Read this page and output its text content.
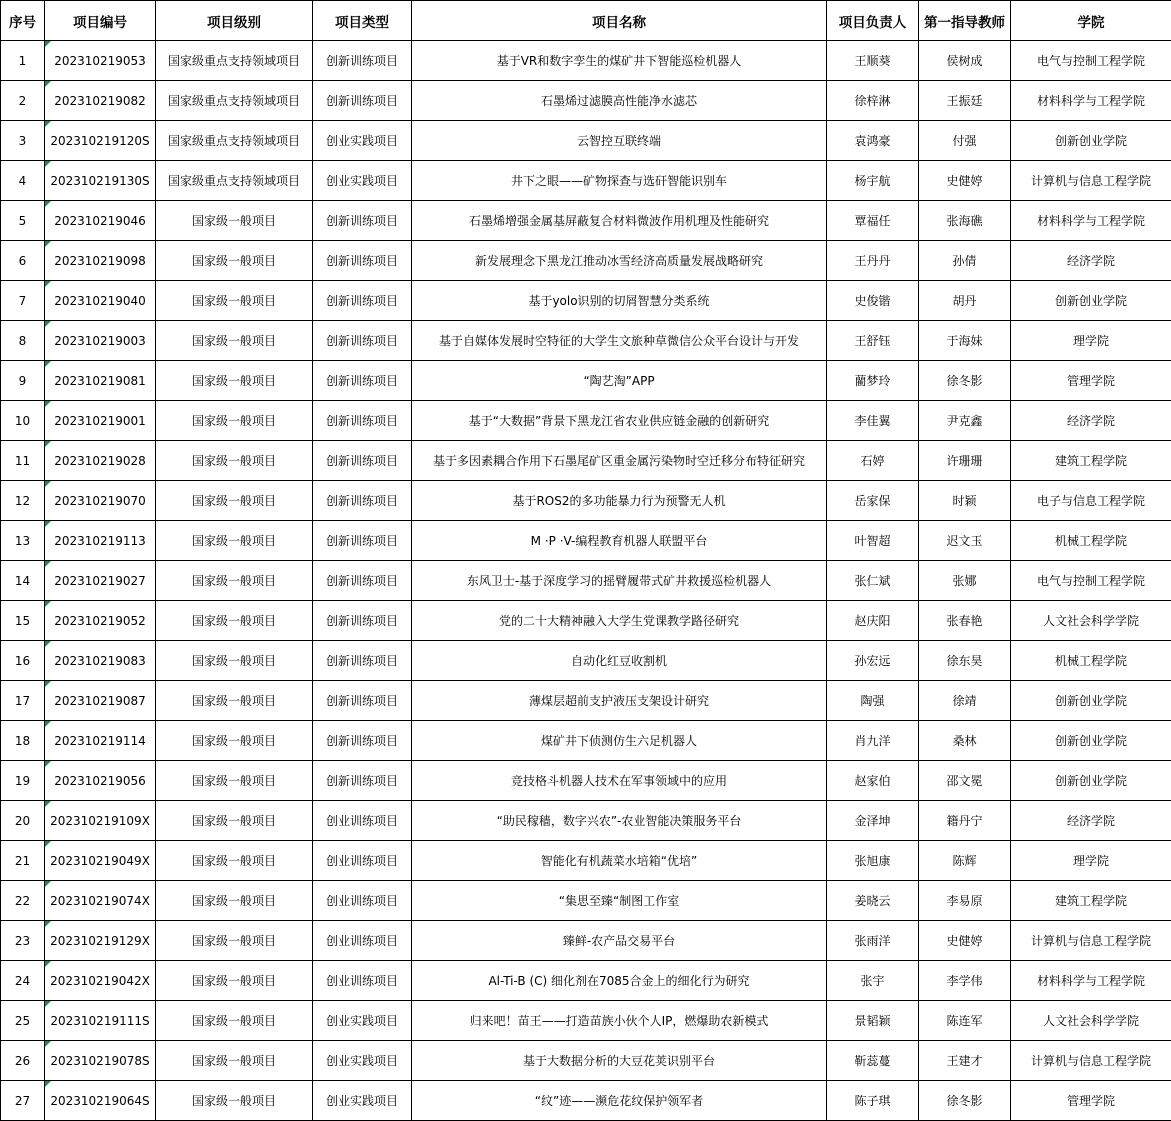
序号	项目编号	项目级别	项目类型	项目名称	项目负责人	第一指导教师	学院
1	202310219053	国家级重点支持领域项目	创新训练项目	基于VR和数字孪生的煤矿井下智能巡检机器人	王顺葵	侯树成	电气与控制工程学院
2	202310219082	国家级重点支持领域项目	创新训练项目	石墨烯过滤膜高性能净水滤芯	徐梓淋	王振廷	材料科学与工程学院
3	202310219120S	国家级重点支持领域项目	创业实践项目	云智控互联终端	袁鸿豪	付强	创新创业学院
4	202310219130S	国家级重点支持领域项目	创业实践项目	井下之眼——矿物探查与选矸智能识别车	杨宇航	史健婷	计算机与信息工程学院
5	202310219046	国家级一般项目	创新训练项目	石墨烯增强金属基屏蔽复合材料微波作用机理及性能研究	覃福任	张海礁	材料科学与工程学院
6	202310219098	国家级一般项目	创新训练项目	新发展理念下黑龙江推动冰雪经济高质量发展战略研究	王丹丹	孙倩	经济学院
7	202310219040	国家级一般项目	创新训练项目	基于yolo识别的切屑智慧分类系统	史俊锴	胡丹	创新创业学院
8	202310219003	国家级一般项目	创新训练项目	基于自媒体发展时空特征的大学生文旅种草微信公众平台设计与开发	王舒钰	于海妹	理学院
9	202310219081	国家级一般项目	创新训练项目	“陶艺淘”APP	藺梦玲	徐冬影	管理学院
10	202310219001	国家级一般项目	创新训练项目	基于“大数据”背景下黑龙江省农业供应链金融的创新研究	李佳翼	尹克鑫	经济学院
11	202310219028	国家级一般项目	创新训练项目	基于多因素耦合作用下石墨尾矿区重金属污染物时空迁移分布特征研究	石婷	许珊珊	建筑工程学院
12	202310219070	国家级一般项目	创新训练项目	基于ROS2的多功能暴力行为预警无人机	岳家保	时颖	电子与信息工程学院
13	202310219113	国家级一般项目	创新训练项目	M ·P ·V-编程教育机器人联盟平台	叶智超	迟文玉	机械工程学院
14	202310219027	国家级一般项目	创新训练项目	东风卫士-基于深度学习的摇臂履带式矿井救援巡检机器人	张仁斌	张娜	电气与控制工程学院
15	202310219052	国家级一般项目	创新训练项目	党的二十大精神融入大学生党课教学路径研究	赵庆阳	张春艳	人文社会科学学院
16	202310219083	国家级一般项目	创新训练项目	自动化红豆收割机	孙宏远	徐东昊	机械工程学院
17	202310219087	国家级一般项目	创新训练项目	薄煤层超前支护液压支架设计研究	陶强	徐靖	创新创业学院
18	202310219114	国家级一般项目	创新训练项目	煤矿井下侦测仿生六足机器人	肖九洋	桑林	创新创业学院
19	202310219056	国家级一般项目	创新训练项目	竞技格斗机器人技术在军事领域中的应用	赵家伯	邵文冕	创新创业学院
20	202310219109X	国家级一般项目	创业训练项目	“助民稼穑，数字兴农”-农业智能决策服务平台	金泽坤	籍丹宁	经济学院
21	202310219049X	国家级一般项目	创业训练项目	智能化有机蔬菜水培箱“优培”	张旭康	陈辉	理学院
22	202310219074X	国家级一般项目	创业训练项目	“集思至臻“制图工作室	姜晓云	李易原	建筑工程学院
23	202310219129X	国家级一般项目	创业训练项目	臻鲜-农产品交易平台	张雨洋	史健婷	计算机与信息工程学院
24	202310219042X	国家级一般项目	创业训练项目	Al-Ti-B (C) 细化剂在7085合金上的细化行为研究	张宇	李学伟	材料科学与工程学院
25	202310219111S	国家级一般项目	创业实践项目	归来吧！苗王——打造苗族小伙个人IP，燃爆助农新模式	景韬颖	陈连军	人文社会科学学院
26	202310219078S	国家级一般项目	创业实践项目	基于大数据分析的大豆花荚识别平台	靳蕊蔓	王建才	计算机与信息工程学院
27	202310219064S	国家级一般项目	创业实践项目	“纹”迹——濒危花纹保护领军者	陈子琪	徐冬影	管理学院
